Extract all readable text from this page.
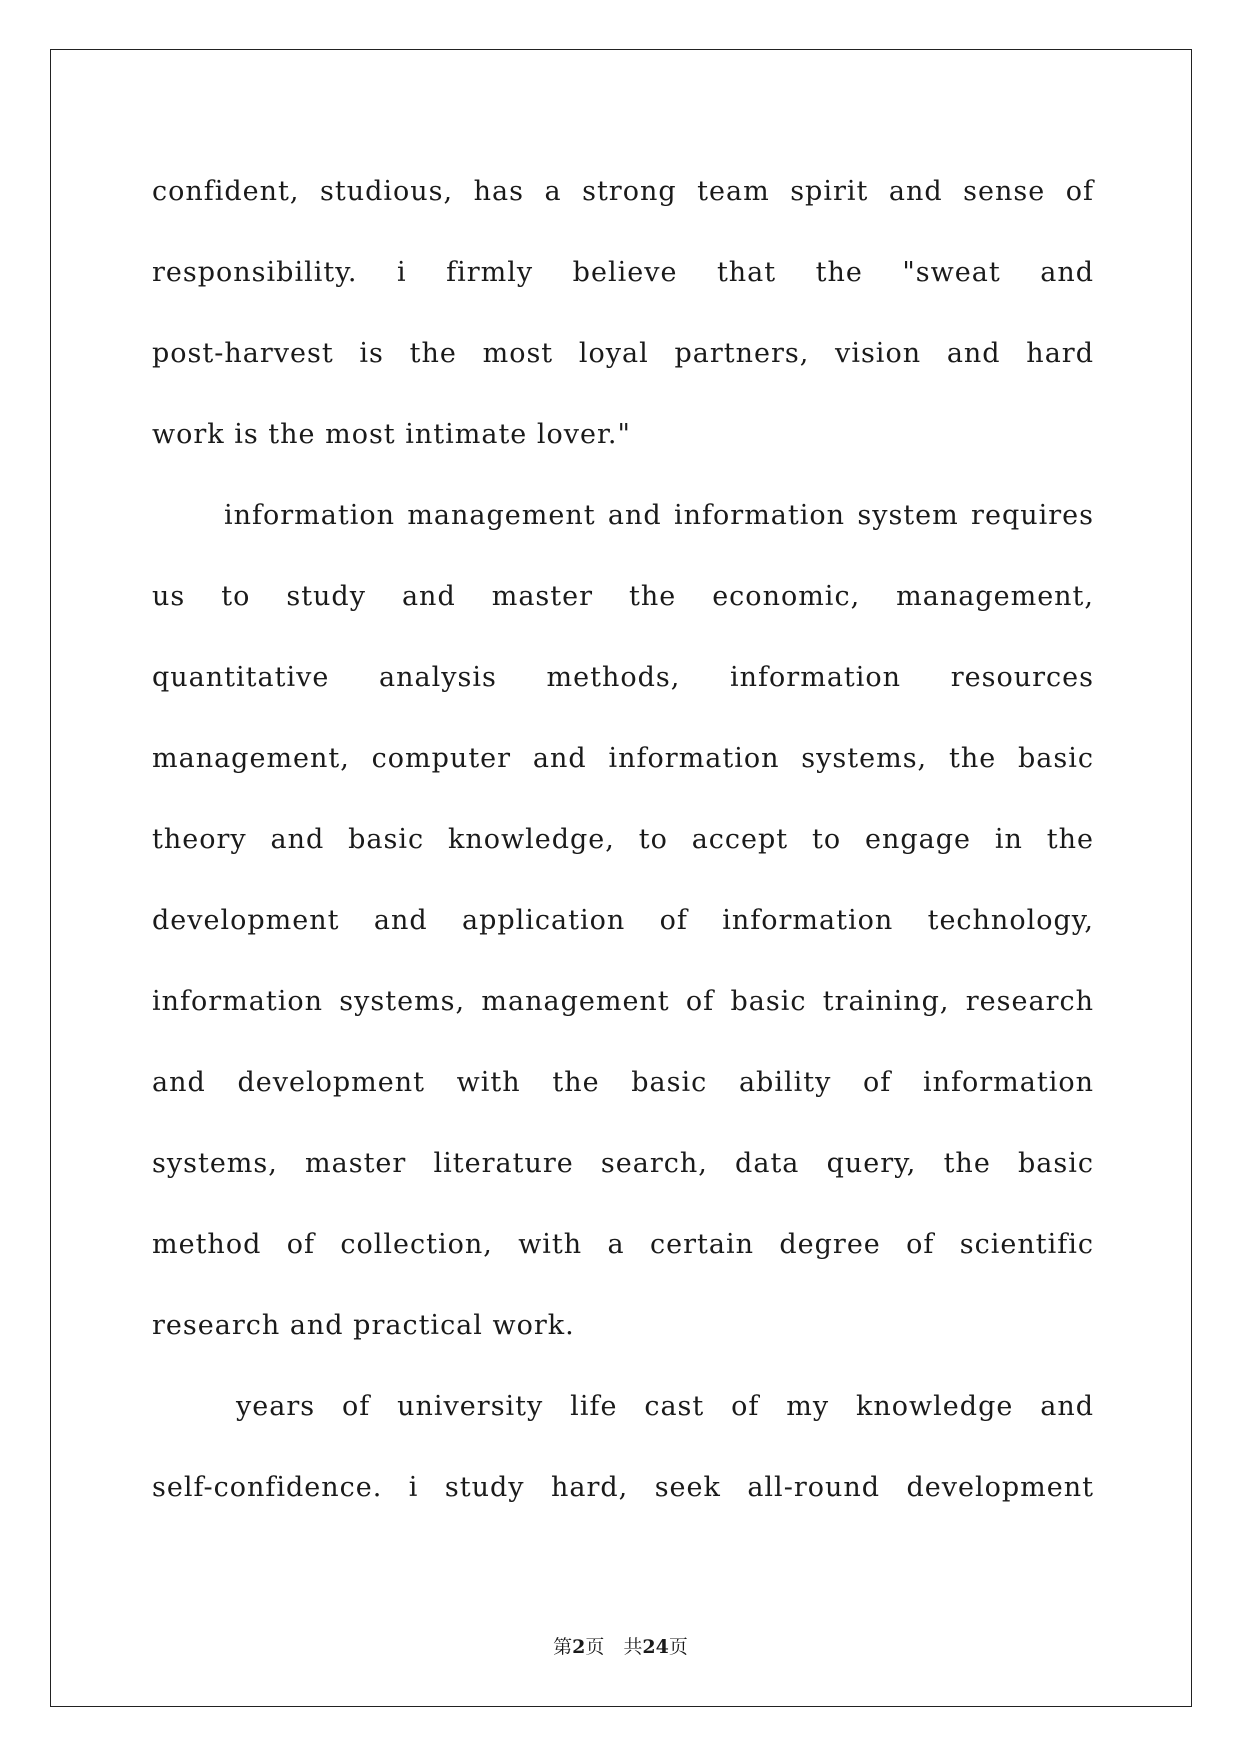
confident, studious, has a strong team spirit and sense of
responsibility. i firmly believe that the "sweat and
post-harvest is the most loyal partners, vision and hard
work is the most intimate lover."
information management and information system requires
us to study and master the economic, management,
quantitative analysis methods, information resources
management, computer and information systems, the basic
theory and basic knowledge, to accept to engage in the
development and application of information technology,
information systems, management of basic training, research
and development with the basic ability of information
systems, master literature search, data query, the basic
method of collection, with a certain degree of scientific
research and practical work.
years of university life cast of my knowledge and
self-confidence. i study hard, seek all-round development
第2页　共24页
